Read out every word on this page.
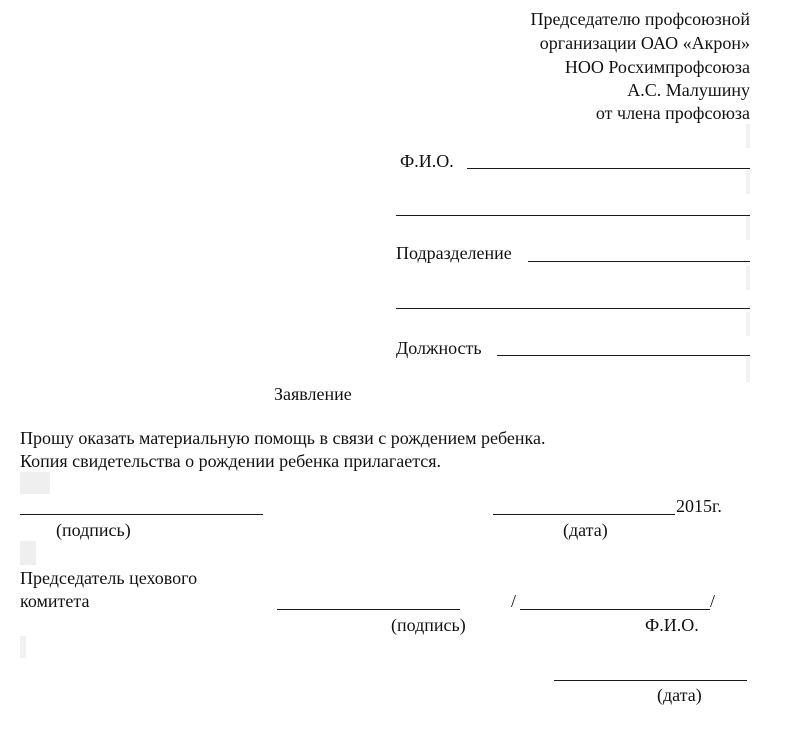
Председателю профсоюзной
организации ОАО «Акрон»
НОО Росхимпрофсоюза
А.С. Малушину
от члена профсоюза
Ф.И.О.
Подразделение
Должность
Заявление
Прошу оказать материальную помощь в связи с рождением ребенка.
Копия свидетельства о рождении ребенка прилагается.
2015г.
(подпись)	(дата)
Председатель цехового
комитета	/	/
(подпись)	Ф.И.О.
(дата)
